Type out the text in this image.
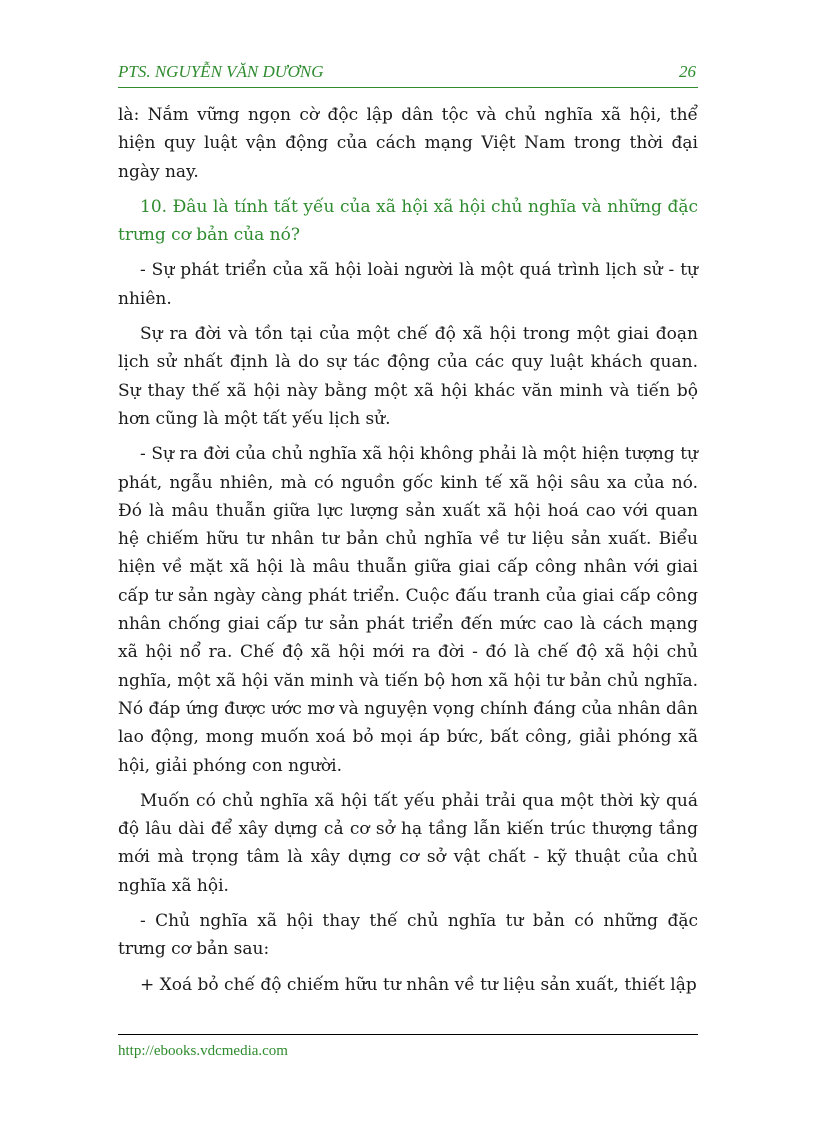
PTS. NGUYỄN VĂN DƯƠNG	26

là: Nắm vững ngọn cờ độc lập dân tộc và chủ nghĩa xã hội, thể hiện quy luật vận động của cách mạng Việt Nam trong thời đại ngày nay.

10. Đâu là tính tất yếu của xã hội xã hội chủ nghĩa và những đặc trưng cơ bản của nó?

- Sự phát triển của xã hội loài người là một quá trình lịch sử - tự nhiên.

Sự ra đời và tồn tại của một chế độ xã hội trong một giai đoạn lịch sử nhất định là do sự tác động của các quy luật khách quan. Sự thay thế xã hội này bằng một xã hội khác văn minh và tiến bộ hơn cũng là một tất yếu lịch sử.

- Sự ra đời của chủ nghĩa xã hội không phải là một hiện tượng tự phát, ngẫu nhiên, mà có nguồn gốc kinh tế xã hội sâu xa của nó. Đó là mâu thuẫn giữa lực lượng sản xuất xã hội hoá cao với quan hệ chiếm hữu tư nhân tư bản chủ nghĩa về tư liệu sản xuất. Biểu hiện về mặt xã hội là mâu thuẫn giữa giai cấp công nhân với giai cấp tư sản ngày càng phát triển. Cuộc đấu tranh của giai cấp công nhân chống giai cấp tư sản phát triển đến mức cao là cách mạng xã hội nổ ra. Chế độ xã hội mới ra đời - đó là chế độ xã hội chủ nghĩa, một xã hội văn minh và tiến bộ hơn xã hội tư bản chủ nghĩa. Nó đáp ứng được ước mơ và nguyện vọng chính đáng của nhân dân lao động, mong muốn xoá bỏ mọi áp bức, bất công, giải phóng xã hội, giải phóng con người.

Muốn có chủ nghĩa xã hội tất yếu phải trải qua một thời kỳ quá độ lâu dài để xây dựng cả cơ sở hạ tầng lẫn kiến trúc thượng tầng mới mà trọng tâm là xây dựng cơ sở vật chất - kỹ thuật của chủ nghĩa xã hội.

- Chủ nghĩa xã hội thay thế chủ nghĩa tư bản có những đặc trưng cơ bản sau:

+ Xoá bỏ chế độ chiếm hữu tư nhân về tư liệu sản xuất, thiết lập

http://ebooks.vdcmedia.com
